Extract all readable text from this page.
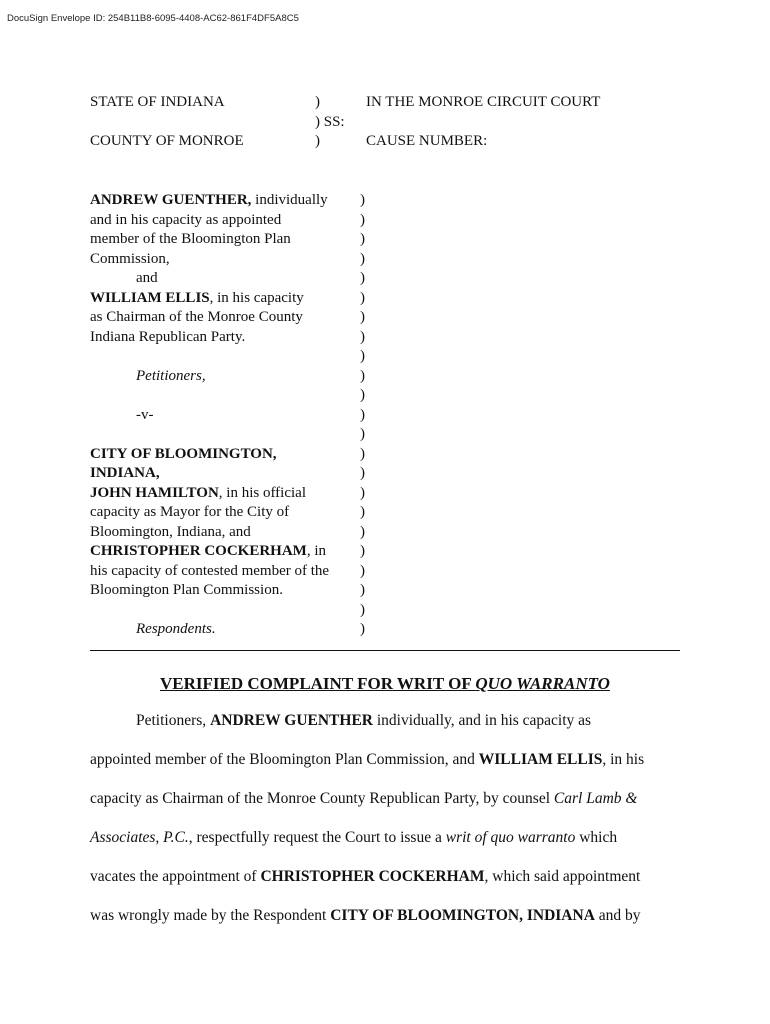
DocuSign Envelope ID: 254B11B8-6095-4408-AC62-861F4DF5A8C5
STATE OF INDIANA
COUNTY OF MONROE
)
) SS:
)
IN THE MONROE CIRCUIT COURT
CAUSE NUMBER:
ANDREW GUENTHER, individually
and in his capacity as appointed
member of the Bloomington Plan
Commission,
and
WILLIAM ELLIS, in his capacity
as Chairman of the Monroe County
Indiana Republican Party.
Petitioners,
-v-
CITY OF BLOOMINGTON,
INDIANA,
JOHN HAMILTON, in his official
capacity as Mayor for the City of
Bloomington, Indiana, and
CHRISTOPHER COCKERHAM, in
his capacity of contested member of the
Bloomington Plan Commission.
Respondents.
)
)
)
)
)
)
)
)
)
)
)
)
)
)
)
)
)
)
)
)
)
)
)
VERIFIED COMPLAINT FOR WRIT OF QUO WARRANTO
Petitioners, ANDREW GUENTHER individually, and in his capacity as
appointed member of the Bloomington Plan Commission, and WILLIAM ELLIS, in his
capacity as Chairman of the Monroe County Republican Party, by counsel Carl Lamb &
Associates, P.C., respectfully request the Court to issue a writ of quo warranto which
vacates the appointment of CHRISTOPHER COCKERHAM, which said appointment
was wrongly made by the Respondent CITY OF BLOOMINGTON, INDIANA and by
